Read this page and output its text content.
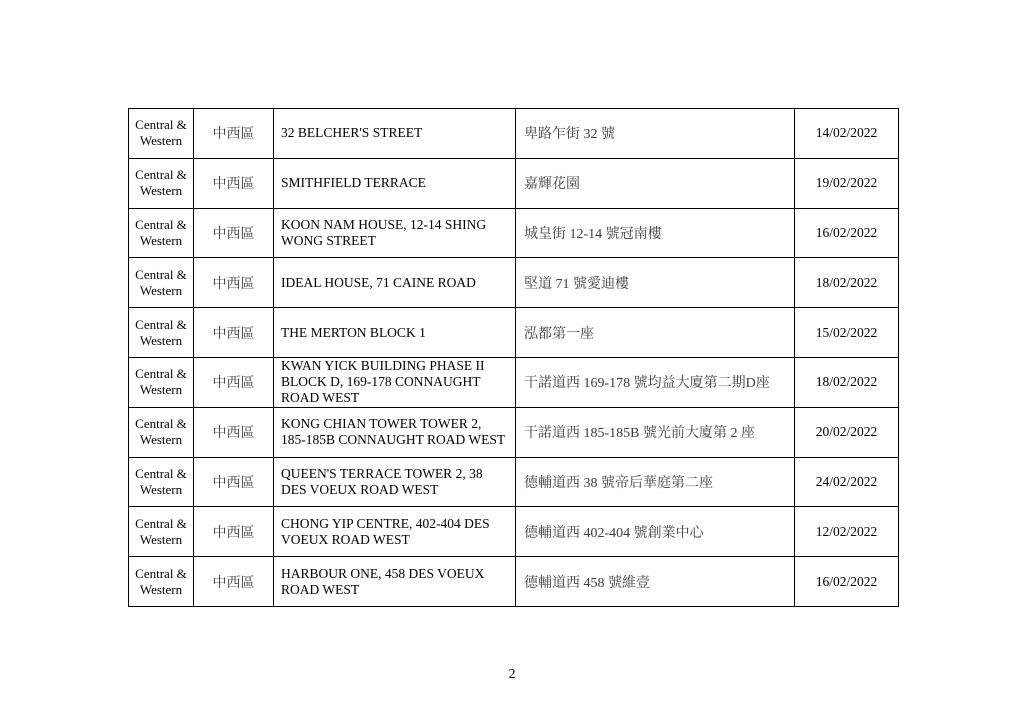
Central & Western	中西區	32 BELCHER'S STREET	卑路乍街 32 號	14/02/2022

Central & Western	中西區	SMITHFIELD TERRACE	嘉輝花園	19/02/2022

Central & Western	中西區	KOON NAM HOUSE, 12-14 SHING WONG STREET	城皇街 12-14 號冠南樓	16/02/2022

Central & Western	中西區	IDEAL HOUSE, 71 CAINE ROAD	堅道 71 號愛迪樓	18/02/2022

Central & Western	中西區	THE MERTON BLOCK 1	泓都第一座	15/02/2022

Central & Western	中西區	KWAN YICK BUILDING PHASE II BLOCK D, 169-178 CONNAUGHT ROAD WEST	干諾道西 169-178 號均益大廈第二期D座	18/02/2022

Central & Western	中西區	KONG CHIAN TOWER TOWER 2, 185-185B CONNAUGHT ROAD WEST	干諾道西 185-185B 號光前大廈第 2 座	20/02/2022

Central & Western	中西區	QUEEN'S TERRACE TOWER 2, 38 DES VOEUX ROAD WEST	德輔道西 38 號帝后華庭第二座	24/02/2022

Central & Western	中西區	CHONG YIP CENTRE, 402-404 DES VOEUX ROAD WEST	德輔道西 402-404 號創業中心	12/02/2022

Central & Western	中西區	HARBOUR ONE, 458 DES VOEUX ROAD WEST	德輔道西 458 號維壹	16/02/2022
2
